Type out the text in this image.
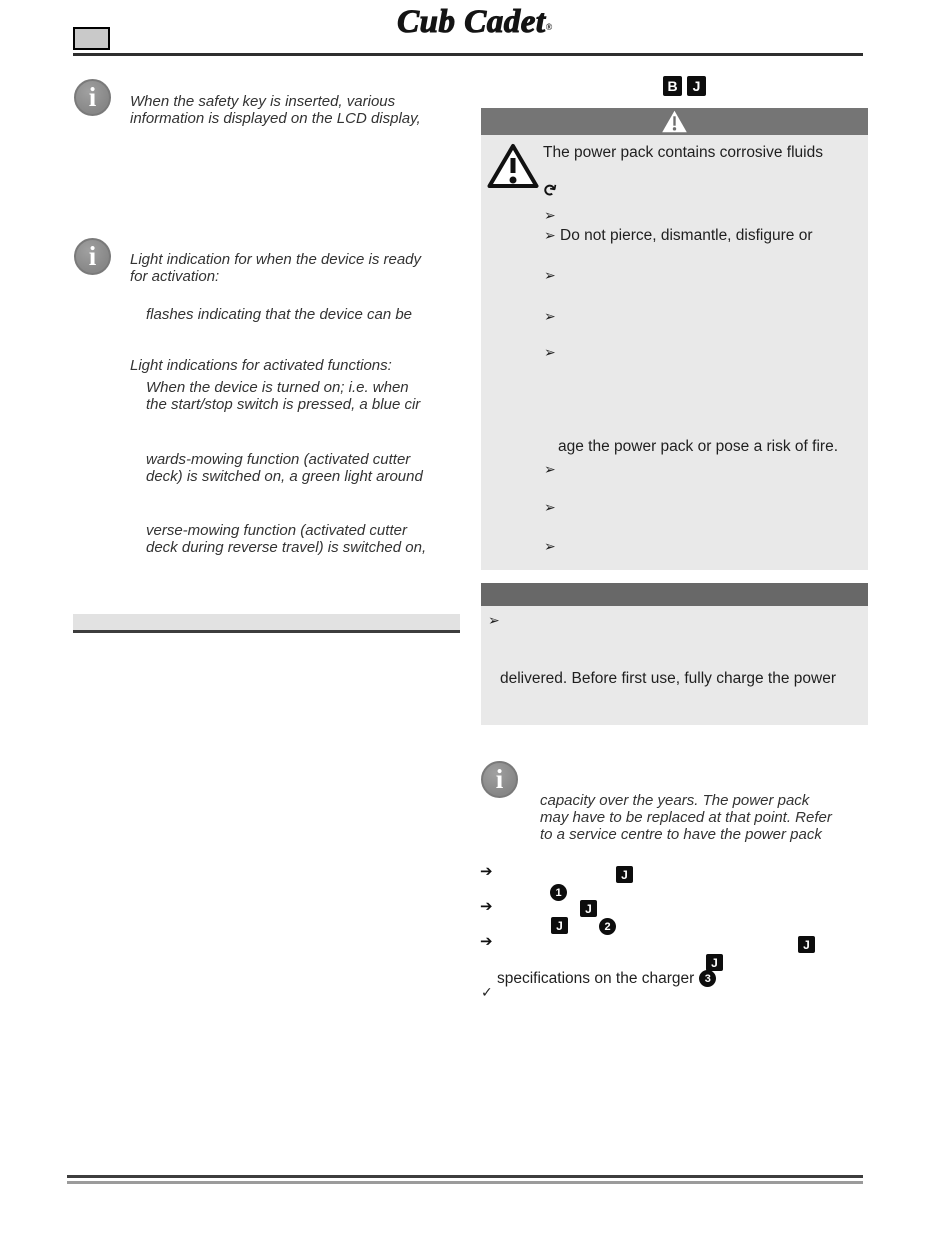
Cub Cadet®
i When the safety key is inserted, various
information is displayed on the LCD display,
i Light indication for when the device is ready
for activation:
flashes indicating that the device can be
Light indications for activated functions:
When the device is turned on; i.e. when
the start/stop switch is pressed, a blue cir
wards-mowing function (activated cutter
deck) is switched on, a green light around
verse-mowing function (activated cutter
deck during reverse travel) is switched on,
B	J
The power pack contains corrosive fluids
↻
➢
➢ Do not pierce, dismantle, disfigure or
➢
➢
➢
age the power pack or pose a risk of fire.
➢
➢
➢
➢
delivered. Before first use, fully charge the power
i
capacity over the years. The power pack
may have to be replaced at that point. Refer
to a service centre to have the power pack
➔	J
1
➔	J
J	2
➔	J
J
specifications on the charger 3
✓
